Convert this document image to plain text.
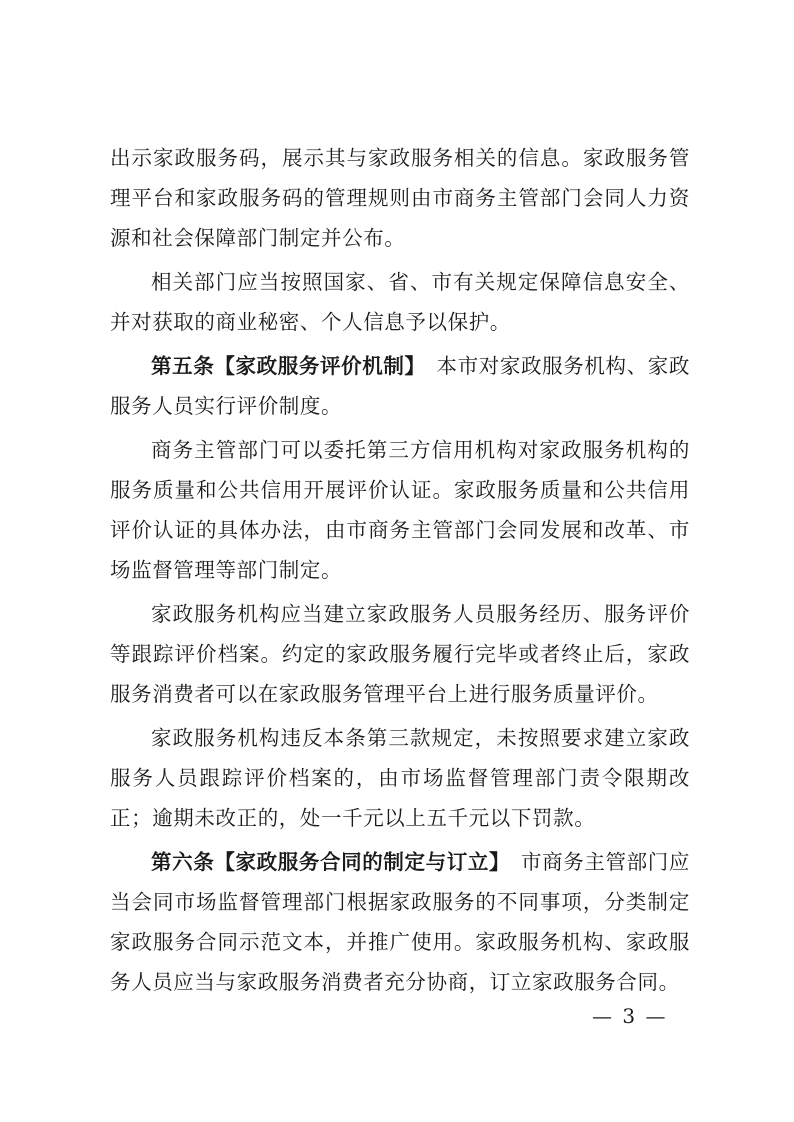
出示家政服务码，展示其与家政服务相关的信息。家政服务管理平台和家政服务码的管理规则由市商务主管部门会同人力资源和社会保障部门制定并公布。

相关部门应当按照国家、省、市有关规定保障信息安全、并对获取的商业秘密、个人信息予以保护。

第五条【家政服务评价机制】　本市对家政服务机构、家政服务人员实行评价制度。

商务主管部门可以委托第三方信用机构对家政服务机构的服务质量和公共信用开展评价认证。家政服务质量和公共信用评价认证的具体办法，由市商务主管部门会同发展和改革、市场监督管理等部门制定。

家政服务机构应当建立家政服务人员服务经历、服务评价等跟踪评价档案。约定的家政服务履行完毕或者终止后，家政服务消费者可以在家政服务管理平台上进行服务质量评价。

家政服务机构违反本条第三款规定，未按照要求建立家政服务人员跟踪评价档案的，由市场监督管理部门责令限期改正；逾期未改正的，处一千元以上五千元以下罚款。

第六条【家政服务合同的制定与订立】　市商务主管部门应当会同市场监督管理部门根据家政服务的不同事项，分类制定家政服务合同示范文本，并推广使用。家政服务机构、家政服务人员应当与家政服务消费者充分协商，订立家政服务合同。

— 3 —
